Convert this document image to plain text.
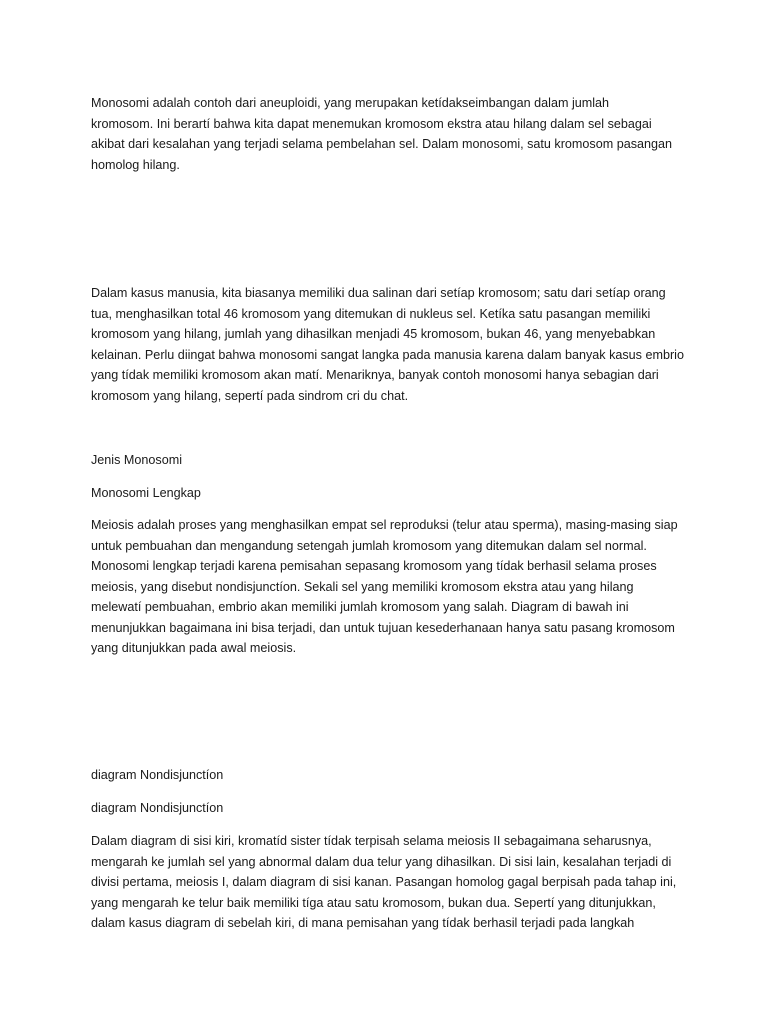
Monosomi adalah contoh dari aneuploidi, yang merupakan ketídakseimbangan dalam jumlah
kromosom. Ini berartí bahwa kita dapat menemukan kromosom ekstra atau hilang dalam sel sebagai
akibat dari kesalahan yang terjadi selama pembelahan sel. Dalam monosomi, satu kromosom pasangan
homolog hilang.
Dalam kasus manusia, kita biasanya memiliki dua salinan dari setíap kromosom; satu dari setíap orang
tua, menghasilkan total 46 kromosom yang ditemukan di nukleus sel. Ketíka satu pasangan memiliki
kromosom yang hilang, jumlah yang dihasilkan menjadi 45 kromosom, bukan 46, yang menyebabkan
kelainan. Perlu diingat bahwa monosomi sangat langka pada manusia karena dalam banyak kasus embrio
yang tídak memiliki kromosom akan matí. Menariknya, banyak contoh monosomi hanya sebagian dari
kromosom yang hilang, sepertí pada sindrom cri du chat.
Jenis Monosomi
Monosomi Lengkap
Meiosis adalah proses yang menghasilkan empat sel reproduksi (telur atau sperma), masing-masing siap
untuk pembuahan dan mengandung setengah jumlah kromosom yang ditemukan dalam sel normal.
Monosomi lengkap terjadi karena pemisahan sepasang kromosom yang tídak berhasil selama proses
meiosis, yang disebut nondisjunctíon. Sekali sel yang memiliki kromosom ekstra atau yang hilang
melewatí pembuahan, embrio akan memiliki jumlah kromosom yang salah. Diagram di bawah ini
menunjukkan bagaimana ini bisa terjadi, dan untuk tujuan kesederhanaan hanya satu pasang kromosom
yang ditunjukkan pada awal meiosis.
diagram Nondisjunctíon
diagram Nondisjunctíon
Dalam diagram di sisi kiri, kromatíd sister tídak terpisah selama meiosis II sebagaimana seharusnya,
mengarah ke jumlah sel yang abnormal dalam dua telur yang dihasilkan. Di sisi lain, kesalahan terjadi di
divisi pertama, meiosis I, dalam diagram di sisi kanan. Pasangan homolog gagal berpisah pada tahap ini,
yang mengarah ke telur baik memiliki tíga atau satu kromosom, bukan dua. Sepertí yang ditunjukkan,
dalam kasus diagram di sebelah kiri, di mana pemisahan yang tídak berhasil terjadi pada langkah
